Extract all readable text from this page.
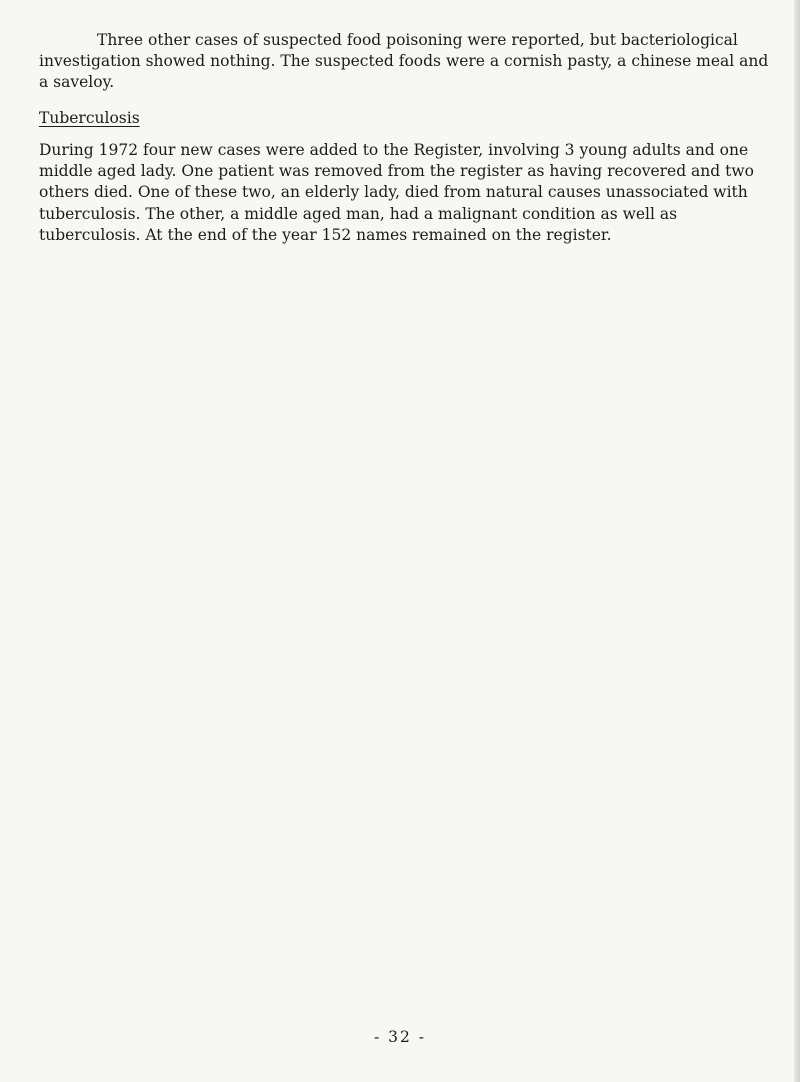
Three other cases of suspected food poisoning were reported, but bacteriological
investigation showed nothing. The suspected foods were a cornish pasty, a chinese meal and a saveloy.
Tuberculosis
During 1972 four new cases were added to the Register, involving 3 young adults and one middle aged lady. One patient was removed from the register as having recovered and two others died. One of these two, an elderly lady, died from natural causes unassociated with tuberculosis. The other, a middle aged man, had a malignant condition as well as tuberculosis. At the end of the year 152 names remained on the register.
- 32 -
